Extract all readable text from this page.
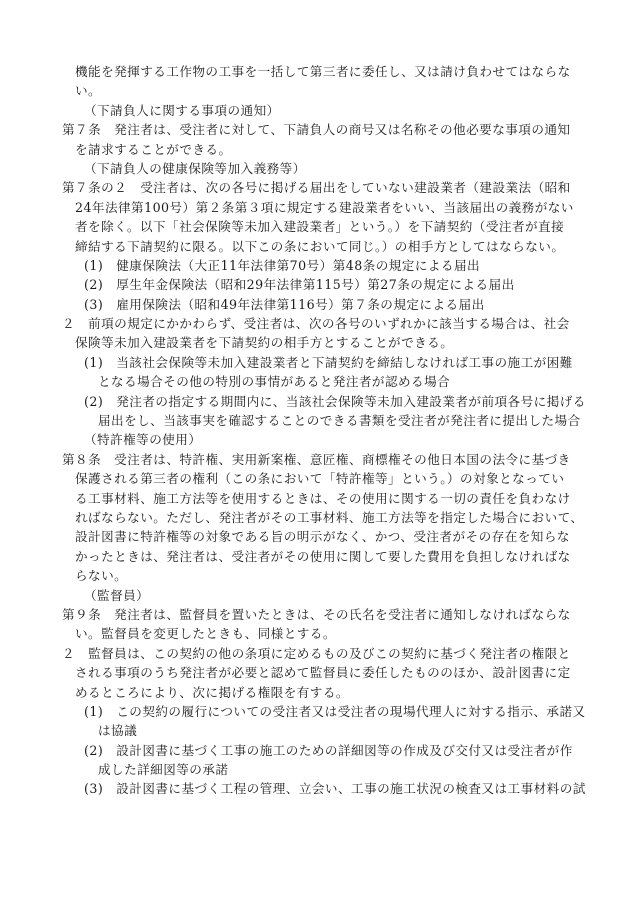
機能を発揮する工作物の工事を一括して第三者に委任し、又は請け負わせてはならな
い。
（下請負人に関する事項の通知）
第７条　発注者は、受注者に対して、下請負人の商号又は名称その他必要な事項の通知
を請求することができる。
（下請負人の健康保険等加入義務等）
第７条の２　受注者は、次の各号に掲げる届出をしていない建設業者（建設業法（昭和
24年法律第100号）第２条第３項に規定する建設業者をいい、当該届出の義務がない
者を除く。以下「社会保険等未加入建設業者」という。）を下請契約（受注者が直接
締結する下請契約に限る。以下この条において同じ。）の相手方としてはならない。
(1)　健康保険法（大正11年法律第70号）第48条の規定による届出
(2)　厚生年金保険法（昭和29年法律第115号）第27条の規定による届出
(3)　雇用保険法（昭和49年法律第116号）第７条の規定による届出
２　前項の規定にかかわらず、受注者は、次の各号のいずれかに該当する場合は、社会
保険等未加入建設業者を下請契約の相手方とすることができる。
(1)　当該社会保険等未加入建設業者と下請契約を締結しなければ工事の施工が困難
となる場合その他の特別の事情があると発注者が認める場合
(2)　発注者の指定する期間内に、当該社会保険等未加入建設業者が前項各号に掲げる
届出をし、当該事実を確認することのできる書類を受注者が発注者に提出した場合
（特許権等の使用）
第８条　受注者は、特許権、実用新案権、意匠権、商標権その他日本国の法令に基づき
保護される第三者の権利（この条において「特許権等」という。）の対象となってい
る工事材料、施工方法等を使用するときは、その使用に関する一切の責任を負わなけ
ればならない。ただし、発注者がその工事材料、施工方法等を指定した場合において、
設計図書に特許権等の対象である旨の明示がなく、かつ、受注者がその存在を知らな
かったときは、発注者は、受注者がその使用に関して要した費用を負担しなければな
らない。
（監督員）
第９条　発注者は、監督員を置いたときは、その氏名を受注者に通知しなければならな
い。監督員を変更したときも、同様とする。
２　監督員は、この契約の他の条項に定めるもの及びこの契約に基づく発注者の権限と
される事項のうち発注者が必要と認めて監督員に委任したもののほか、設計図書に定
めるところにより、次に掲げる権限を有する。
(1)　この契約の履行についての受注者又は受注者の現場代理人に対する指示、承諾又
は協議
(2)　設計図書に基づく工事の施工のための詳細図等の作成及び交付又は受注者が作
成した詳細図等の承諾
(3)　設計図書に基づく工程の管理、立会い、工事の施工状況の検査又は工事材料の試
